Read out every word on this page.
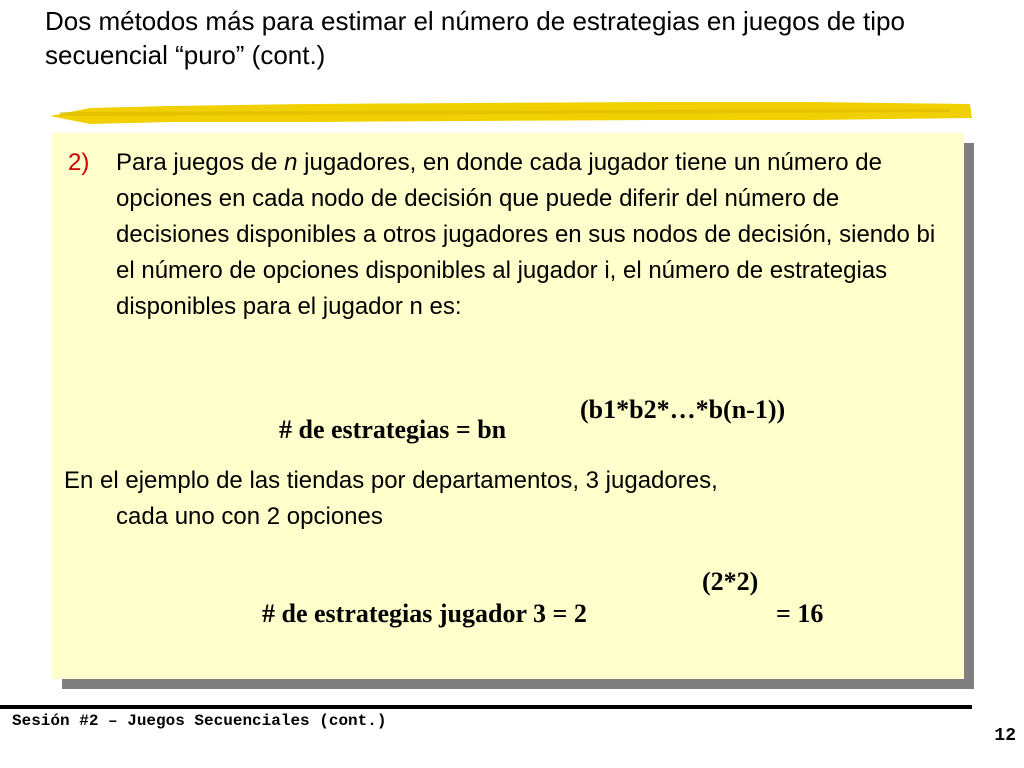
Dos métodos más para estimar el número de estrategias en juegos de tipo secuencial “puro” (cont.)
2) Para juegos de n jugadores, en donde cada jugador tiene un número de opciones en cada nodo de decisión que puede diferir del número de decisiones disponibles a otros jugadores en sus nodos de decisión, siendo bi el número de opciones disponibles al jugador i, el número de estrategias disponibles para el jugador n es:
# de estrategias = bn
(b1*b2*…*b(n-1))
En el ejemplo de las tiendas por departamentos, 3 jugadores,
cada uno con 2 opciones
# de estrategias jugador 3 = 2
(2*2)
= 16
Sesión #2 – Juegos Secuenciales (cont.)
12
